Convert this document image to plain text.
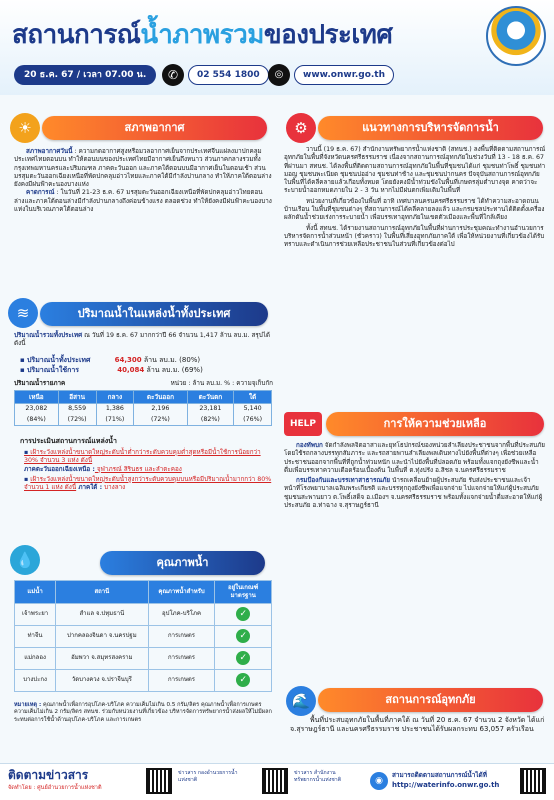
สถานการณ์น้ำภาพรวมของประเทศ
20 ธ.ค. 67 / เวลา 07.00 น.	✆	02 554 1800	◎	www.onwr.go.th
☀	สภาพอากาศ

สภาพอากาศวันนี้ : ความกดอากาศสูงหรือมวลอากาศเย็นจากประเทศจีนแผ่ลงมาปกคลุมประเทศไทยตอนบน ทำให้ตอนบนของประเทศไทยมีอากาศเย็นถึงหนาว ส่วนภาคกลางรวมทั้งกรุงเทพมหานครและปริมณฑล ภาคตะวันออก และภาคใต้ตอนบนมีอากาศเย็นในตอนเช้า ส่วนมรสุมตะวันออกเฉียงเหนือที่พัดปกคลุมอ่าวไทยและภาคใต้มีกำลังปานกลาง ทำให้ภาคใต้ตอนล่างยังคงมีฝนฟ้าคะนองบางแห่ง

คาดการณ์ : ในวันที่ 21-23 ธ.ค. 67 มรสุมตะวันออกเฉียงเหนือที่พัดปกคลุมอ่าวไทยตอนล่างและภาคใต้ตอนล่างมีกำลังปานกลางถึงค่อนข้างแรง ตลอดช่วง ทำให้ยังคงมีฝนฟ้าคะนองบางแห่งในบริเวณภาคใต้ตอนล่าง

≋	ปริมาณน้ำในแหล่งน้ำทั้งประเทศ
ปริมาณน้ำรวมทั้งประเทศ ณ วันที่ 19 ธ.ค. 67 มากกว่าปี 66 จำนวน 1,417 ล้าน ลบ.ม. สรุปได้ดังนี้
▪ ปริมาณน้ำทั้งประเทศ	64,300 ล้าน ลบ.ม. (80%)
▪ ปริมาณน้ำใช้การ	40,084 ล้าน ลบ.ม. (69%)
ปริมาณน้ำรายภาค	หน่วย : ล้าน ลบ.ม. % : ความจุเก็บกัก
เหนือ	อีสาน	กลาง	ตะวันออก	ตะวันตก	ใต้
23,082	8,559	1,386	2,196	23,181	5,140
(84%)	(72%)	(71%)	(72%)	(82%)	(76%)
การประเมินสถานการณ์แหล่งน้ำ

▪ เฝ้าระวังแหล่งน้ำขนาดใหญ่ระดับน้ำต่ำกว่าระดับควบคุมต่ำสุดหรือมีน้ำใช้การน้อยกว่า 30% จำนวน 3 แห่ง ดังนี้

ภาคตะวันออกเฉียงเหนือ : จุฬาภรณ์ สิรินธร และลำตะคอง

▪ เฝ้าระวังแหล่งน้ำขนาดใหญ่ระดับน้ำสูงกว่าระดับควบคุมบนหรือมีปริมาณน้ำมากกว่า 80% จำนวน 1 แห่ง ดังนี้ ภาคใต้ : บางลาง

💧	คุณภาพน้ำ
แม่น้ำ	สถานี	คุณภาพน้ำสำหรับ	อยู่ในเกณฑ์มาตรฐาน
เจ้าพระยา	สำแล จ.ปทุมธานี	อุปโภค-บริโภค	✓
ท่าจีน	ปากคลองจินดา จ.นครปฐม	การเกษตร	✓
แม่กลอง	อัมพวา จ.สมุทรสงคราม	การเกษตร	✓
บางปะกง	วัดบางควง จ.ปราจีนบุรี	การเกษตร	✓
หมายเหตุ : คุณภาพน้ำเพื่อการอุปโภค-บริโภค ความเค็มไม่เกิน 0.5 กรัม/ลิตร คุณภาพน้ำเพื่อการเกษตร ความเค็มไม่เกิน 2 กรัม/ลิตร สทนช. ร่วมกับหน่วยงานที่เกี่ยวข้อง บริหารจัดการทรัพยากรน้ำส่งผลให้ไม่มีผลกระทบต่อการใช้น้ำด้านอุปโภค-บริโภค และการเกษตร
⚙	แนวทางการบริหารจัดการน้ำ

วานนี้ (19 ธ.ค. 67) สำนักงานทรัพยากรน้ำแห่งชาติ (สทนช.) ลงพื้นที่ติดตามสถานการณ์อุทกภัยในพื้นที่จังหวัดนครศรีธรรมราช เนื่องจากสถานการณ์อุทกภัยในช่วงวันที่ 13 - 18 ธ.ค. 67 ที่ผ่านมา สทนช. ได้ลงพื้นที่ติดตามสถานการณ์อุทกภัยในพื้นที่ชุมชนได้แก่ ชุมชนท่าโพธิ์ ชุมชนท่ามอญ ชุมชนพะเนียด ชุมชนบ่ออ่าง ชุมชนท่าช้าง และชุมชนปากนคร ปัจจุบันสถานการณ์อุทกภัยในพื้นที่ได้คลี่คลายแล้วเกือบทั้งหมด โดยยังคงมีน้ำท่วมขังในพื้นที่เกษตรลุ่มต่ำบางจุด คาดว่าจะระบายน้ำออกหมดภายใน 2 - 3 วัน หากไม่มีฝนตกเพิ่มเติมในพื้นที่

หน่วยงานที่เกี่ยวข้องในพื้นที่ อาทิ เทศบาลนครนครศรีธรรมราช ได้ทำความสะอาดถนน บ้านเรือน ในพื้นที่ชุมชนต่างๆ ที่สถานการณ์ได้คลี่คลายลงแล้ว และกรมชลประทานได้ติดตั้งเครื่องผลักดันน้ำช่วยเร่งการระบายน้ำ เพื่อบรรเทาอุทกภัยในเขตตัวเมืองและพื้นที่ใกล้เคียง

ทั้งนี้ สทนช. ได้รายงานสถานการณ์อุทกภัยในพื้นที่ผ่านการประชุมคณะทำงานอำนวยการบริหารจัดการน้ำส่วนหน้า (ชั่วคราว) ในพื้นที่เสี่ยงอุทกภัยภาคใต้ เพื่อให้หน่วยงานที่เกี่ยวข้องได้รับทราบและดำเนินการช่วยเหลือประชาชนในส่วนที่เกี่ยวข้องต่อไป

HELP	การให้ความช่วยเหลือ

กองทัพบก จัดกำลังพลจิตอาสาและยุทโธปกรณ์ของหน่วยลำเลียงประชาชนจากพื้นที่ประสบภัย โดยใช้รถกลางบรรทุกสัมภาระ และรถสายพานลำเลียงพลเดินทางไปยังพื้นที่ต่างๆ เพื่อช่วยเหลือประชาชนออกจากพื้นที่ที่ถูกน้ำท่วมหนัก และนำไปยังพื้นที่ปลอดภัย พร้อมทั้งแจกถุงยังชีพและน้ำดื่มเพื่อบรรเทาความเดือดร้อนเบื้องต้น ในพื้นที่ ต.ทุ่งปรัง อ.สิชล จ.นครศรีธรรมราช

กรมป้องกันและบรรเทาสาธารณภัย นำรถเคลื่อนย้ายผู้ประสบภัย รับส่งประชาชนและเจ้าหน้าที่โรงพยาบาลเฉลิมพระเกียรติ และบรรทุกถุงยังชีพเพื่อแจกจ่าย ไปแจกจ่ายให้แก่ผู้ประสบภัยชุมชนสะพานยาว ต.โพธิ์เสด็จ อ.เมืองฯ จ.นครศรีธรรมราช พร้อมทั้งแจกจ่ายน้ำดื่มสะอาดให้แก่ผู้ประสบภัย อ.ท่าฉาง จ.สุราษฎร์ธานี

🌊	สถานการณ์อุทกภัย

พื้นที่ประสบอุทกภัยในพื้นที่ภาคใต้ ณ วันที่ 20 ธ.ค. 67 จำนวน 2 จังหวัด ได้แก่ จ.สุราษฎร์ธานี และนครศรีธรรมราช ประชาชนได้รับผลกระทบ 63,057 ครัวเรือน

ติดตามข่าวสาร
จัดทำโดย : ศูนย์อำนวยการน้ำแห่งชาติ
ข่าวสาร กองอำนวยการน้ำแห่งชาติ
ข่าวสาร สำนักงานทรัพยากรน้ำแห่งชาติ	◉
สามารถติดตามสถานการณ์น้ำได้ที่
http://waterinfo.onwr.go.th
